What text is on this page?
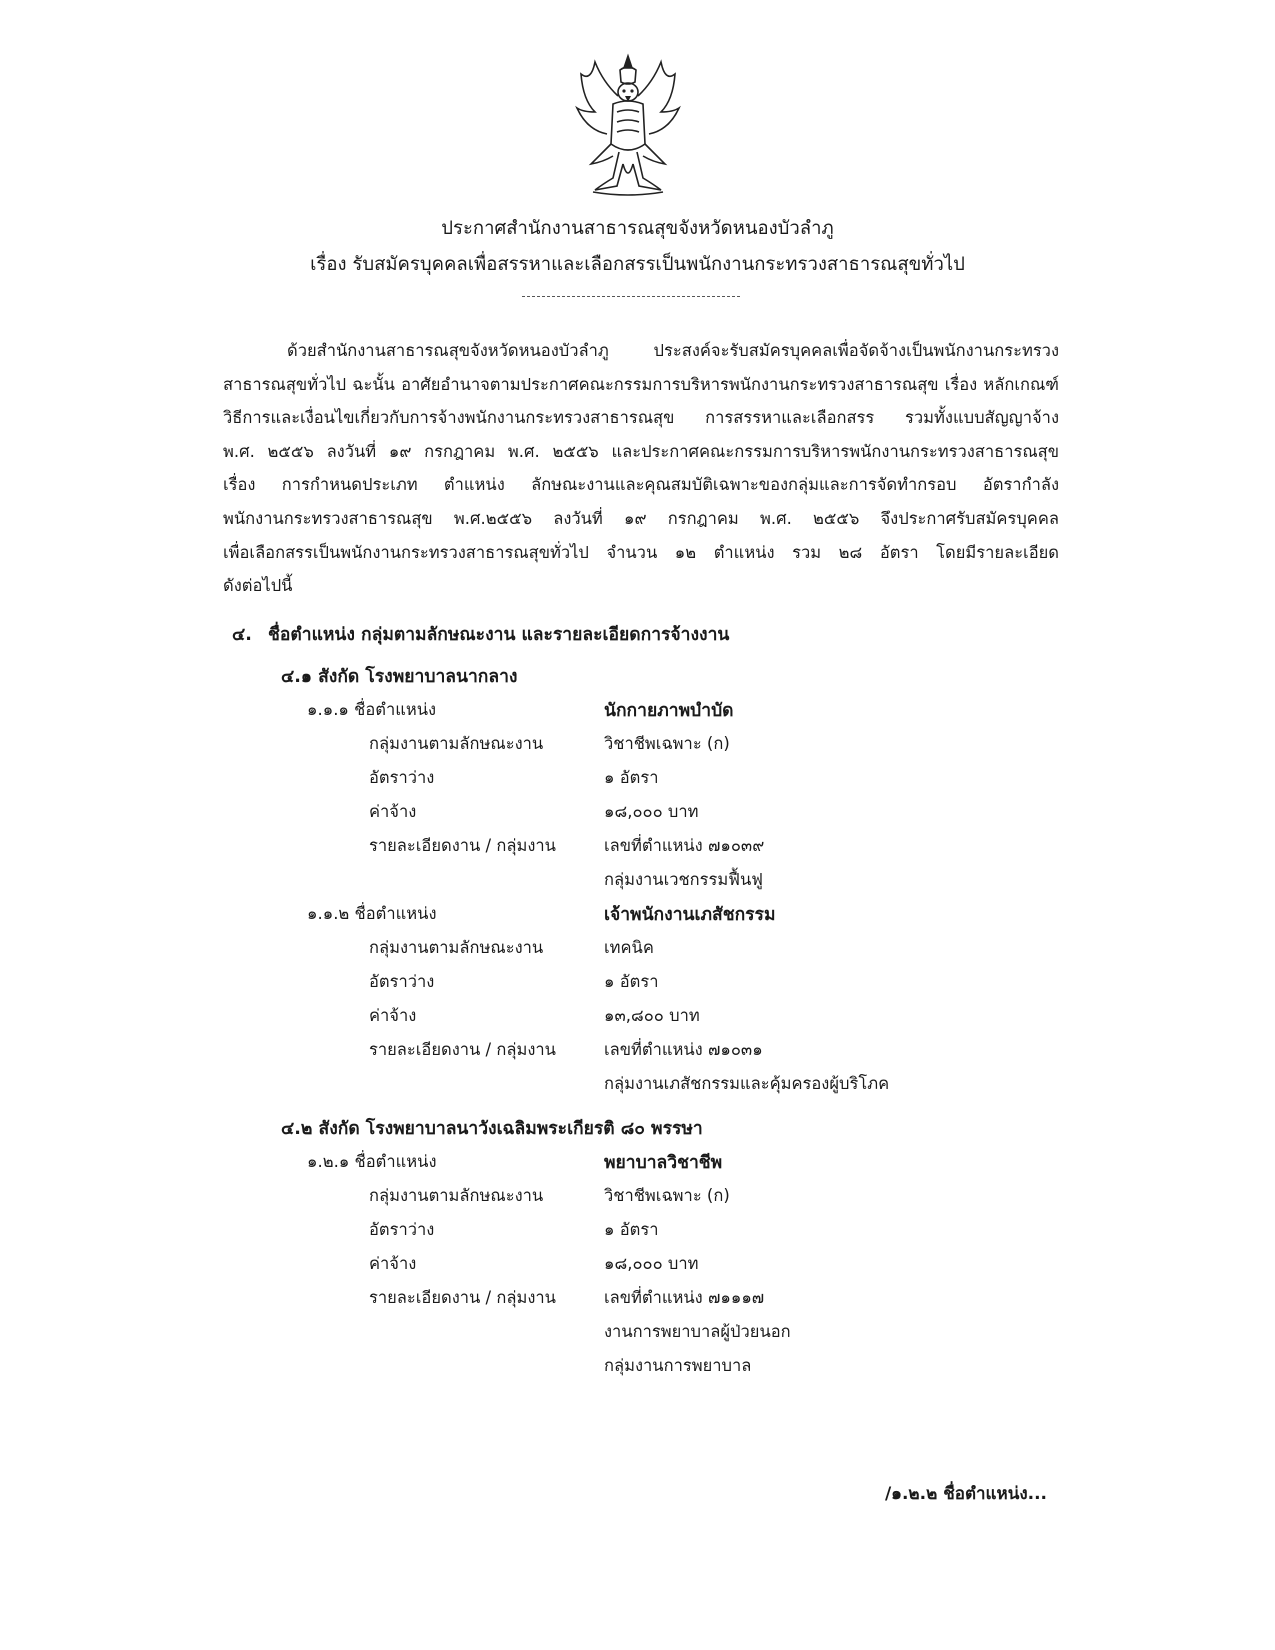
ประกาศสำนักงานสาธารณสุขจังหวัดหนองบัวลำภู
เรื่อง รับสมัครบุคคลเพื่อสรรหาและเลือกสรรเป็นพนักงานกระทรวงสาธารณสุขทั่วไป
ด้วยสำนักงานสาธารณสุขจังหวัดหนองบัวลำภู ประสงค์จะรับสมัครบุคคลเพื่อจัดจ้างเป็นพนักงานกระทรวง
สาธารณสุขทั่วไป ฉะนั้น อาศัยอำนาจตามประกาศคณะกรรมการบริหารพนักงานกระทรวงสาธารณสุข เรื่อง หลักเกณฑ์
วิธีการและเงื่อนไขเกี่ยวกับการจ้างพนักงานกระทรวงสาธารณสุข การสรรหาและเลือกสรร รวมทั้งแบบสัญญาจ้าง
พ.ศ. ๒๕๕๖ ลงวันที่ ๑๙ กรกฎาคม พ.ศ. ๒๕๕๖ และประกาศคณะกรรมการบริหารพนักงานกระทรวงสาธารณสุข
เรื่อง การกำหนดประเภท ตำแหน่ง ลักษณะงานและคุณสมบัติเฉพาะของกลุ่มและการจัดทำกรอบ อัตรากำลัง
พนักงานกระทรวงสาธารณสุข พ.ศ.๒๕๕๖ ลงวันที่ ๑๙ กรกฎาคม พ.ศ. ๒๕๕๖ จึงประกาศรับสมัครบุคคล
เพื่อเลือกสรรเป็นพนักงานกระทรวงสาธารณสุขทั่วไป จำนวน ๑๒ ตำแหน่ง รวม ๒๘ อัตรา โดยมีรายละเอียด
ดังต่อไปนี้
๔. ชื่อตำแหน่ง กลุ่มตามลักษณะงาน และรายละเอียดการจ้างงาน
๔.๑ สังกัด โรงพยาบาลนากลาง
๑.๑.๑ ชื่อตำแหน่ง	นักกายภาพบำบัด
กลุ่มงานตามลักษณะงาน	วิชาชีพเฉพาะ (ก)
อัตราว่าง	๑ อัตรา
ค่าจ้าง	๑๘,๐๐๐ บาท
รายละเอียดงาน / กลุ่มงาน	เลขที่ตำแหน่ง ๗๑๐๓๙
กลุ่มงานเวชกรรมฟื้นฟู
๑.๑.๒ ชื่อตำแหน่ง	เจ้าพนักงานเภสัชกรรม
กลุ่มงานตามลักษณะงาน	เทคนิค
อัตราว่าง	๑ อัตรา
ค่าจ้าง	๑๓,๘๐๐ บาท
รายละเอียดงาน / กลุ่มงาน	เลขที่ตำแหน่ง ๗๑๐๓๑
กลุ่มงานเภสัชกรรมและคุ้มครองผู้บริโภค
๔.๒ สังกัด โรงพยาบาลนาวังเฉลิมพระเกียรติ ๘๐ พรรษา
๑.๒.๑ ชื่อตำแหน่ง	พยาบาลวิชาชีพ
กลุ่มงานตามลักษณะงาน	วิชาชีพเฉพาะ (ก)
อัตราว่าง	๑ อัตรา
ค่าจ้าง	๑๘,๐๐๐ บาท
รายละเอียดงาน / กลุ่มงาน	เลขที่ตำแหน่ง ๗๑๑๑๗
งานการพยาบาลผู้ป่วยนอก
กลุ่มงานการพยาบาล
/๑.๒.๒ ชื่อตำแหน่ง...
